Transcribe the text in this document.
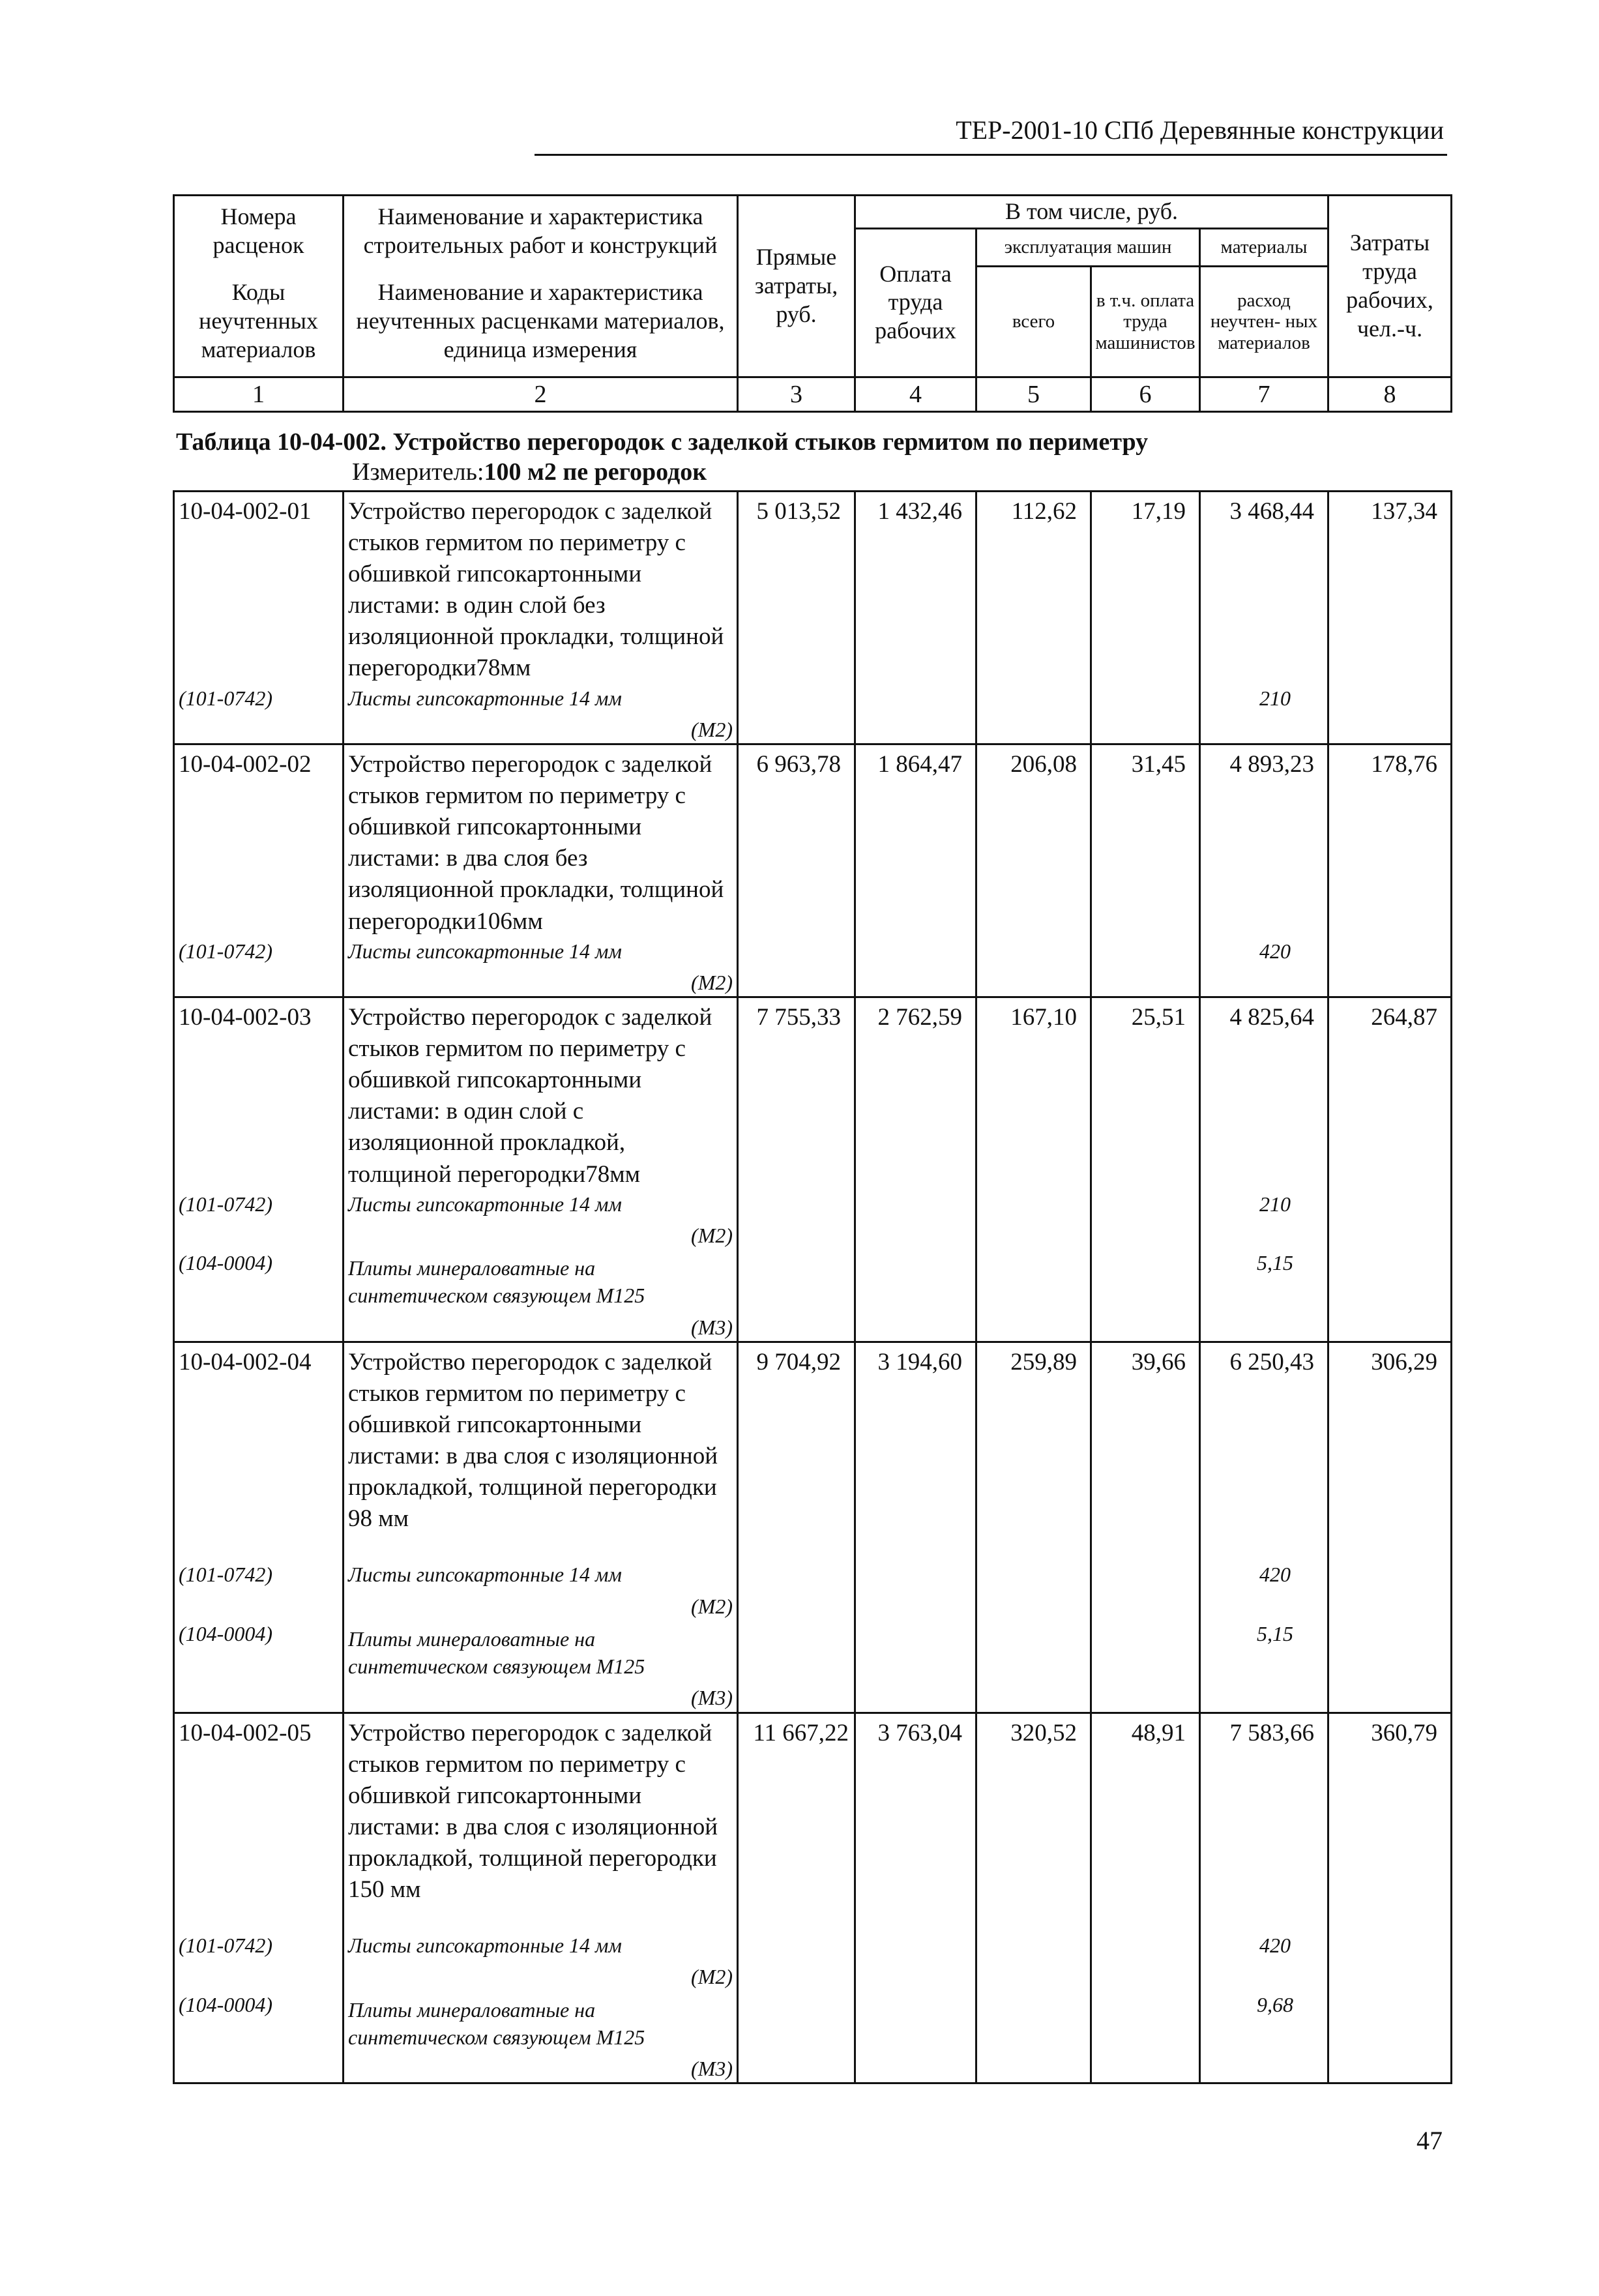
ТЕР-2001-10 СПб Деревянные конструкции
Номера расценок	Наименование и характеристика строительных работ и конструкций	Прямые затраты, руб.	В том числе, руб.				Затраты труда рабочих, чел.-ч.
			Оплата труда рабочих	эксплуатация машин		материалы	
Коды неучтенных материалов	Наименование и характеристика неучтенных расценками материалов, единица измерения			всего	в т.ч. оплата труда машинистов	расход неучтен- ных материалов	

1	2	3	4	5	6	7	8
Таблица 10-04-002. Устройство перегородок с заделкой стыков гермитом по периметру
Измеритель:100 м2 пе регородок
10-04-002-01	Устройство перегородок с заделкой стыков гермитом по периметру с обшивкой гипсокартонными листами: в один слой без изоляционной прокладки, толщиной перегородки78мм	5 013,52	1 432,46	112,62	17,19	3 468,44	137,34
(101-0742)	Листы гипсокартонные 14 мм
(М2)					210	
10-04-002-02	Устройство перегородок с заделкой стыков гермитом по периметру с обшивкой гипсокартонными листами: в два слоя без изоляционной прокладки, толщиной перегородки106мм	6 963,78	1 864,47	206,08	31,45	4 893,23	178,76
(101-0742)	Листы гипсокартонные 14 мм
(М2)					420	
10-04-002-03	Устройство перегородок с заделкой стыков гермитом по периметру с обшивкой гипсокартонными листами: в один слой с изоляционной прокладкой, толщиной перегородки78мм	7 755,33	2 762,59	167,10	25,51	4 825,64	264,87
(101-0742)	Листы гипсокартонные 14 мм
(М2)					210	
(104-0004)	Плиты минераловатные на синтетическом связующем М125
(М3)					5,15	
10-04-002-04	Устройство перегородок с заделкой стыков гермитом по периметру с обшивкой гипсокартонными листами: в два слоя с изоляционной прокладкой, толщиной перегородки 98 мм	9 704,92	3 194,60	259,89	39,66	6 250,43	306,29
(101-0742)	Листы гипсокартонные 14 мм
(М2)					420	
(104-0004)	Плиты минераловатные на синтетическом связующем М125
(М3)					5,15	
10-04-002-05	Устройство перегородок с заделкой стыков гермитом по периметру с обшивкой гипсокартонными листами: в два слоя с изоляционной прокладкой, толщиной перегородки 150 мм	11 667,22	3 763,04	320,52	48,91	7 583,66	360,79
(101-0742)	Листы гипсокартонные 14 мм
(М2)					420	
(104-0004)	Плиты минераловатные на синтетическом связующем М125
(М3)					9,68	
47
